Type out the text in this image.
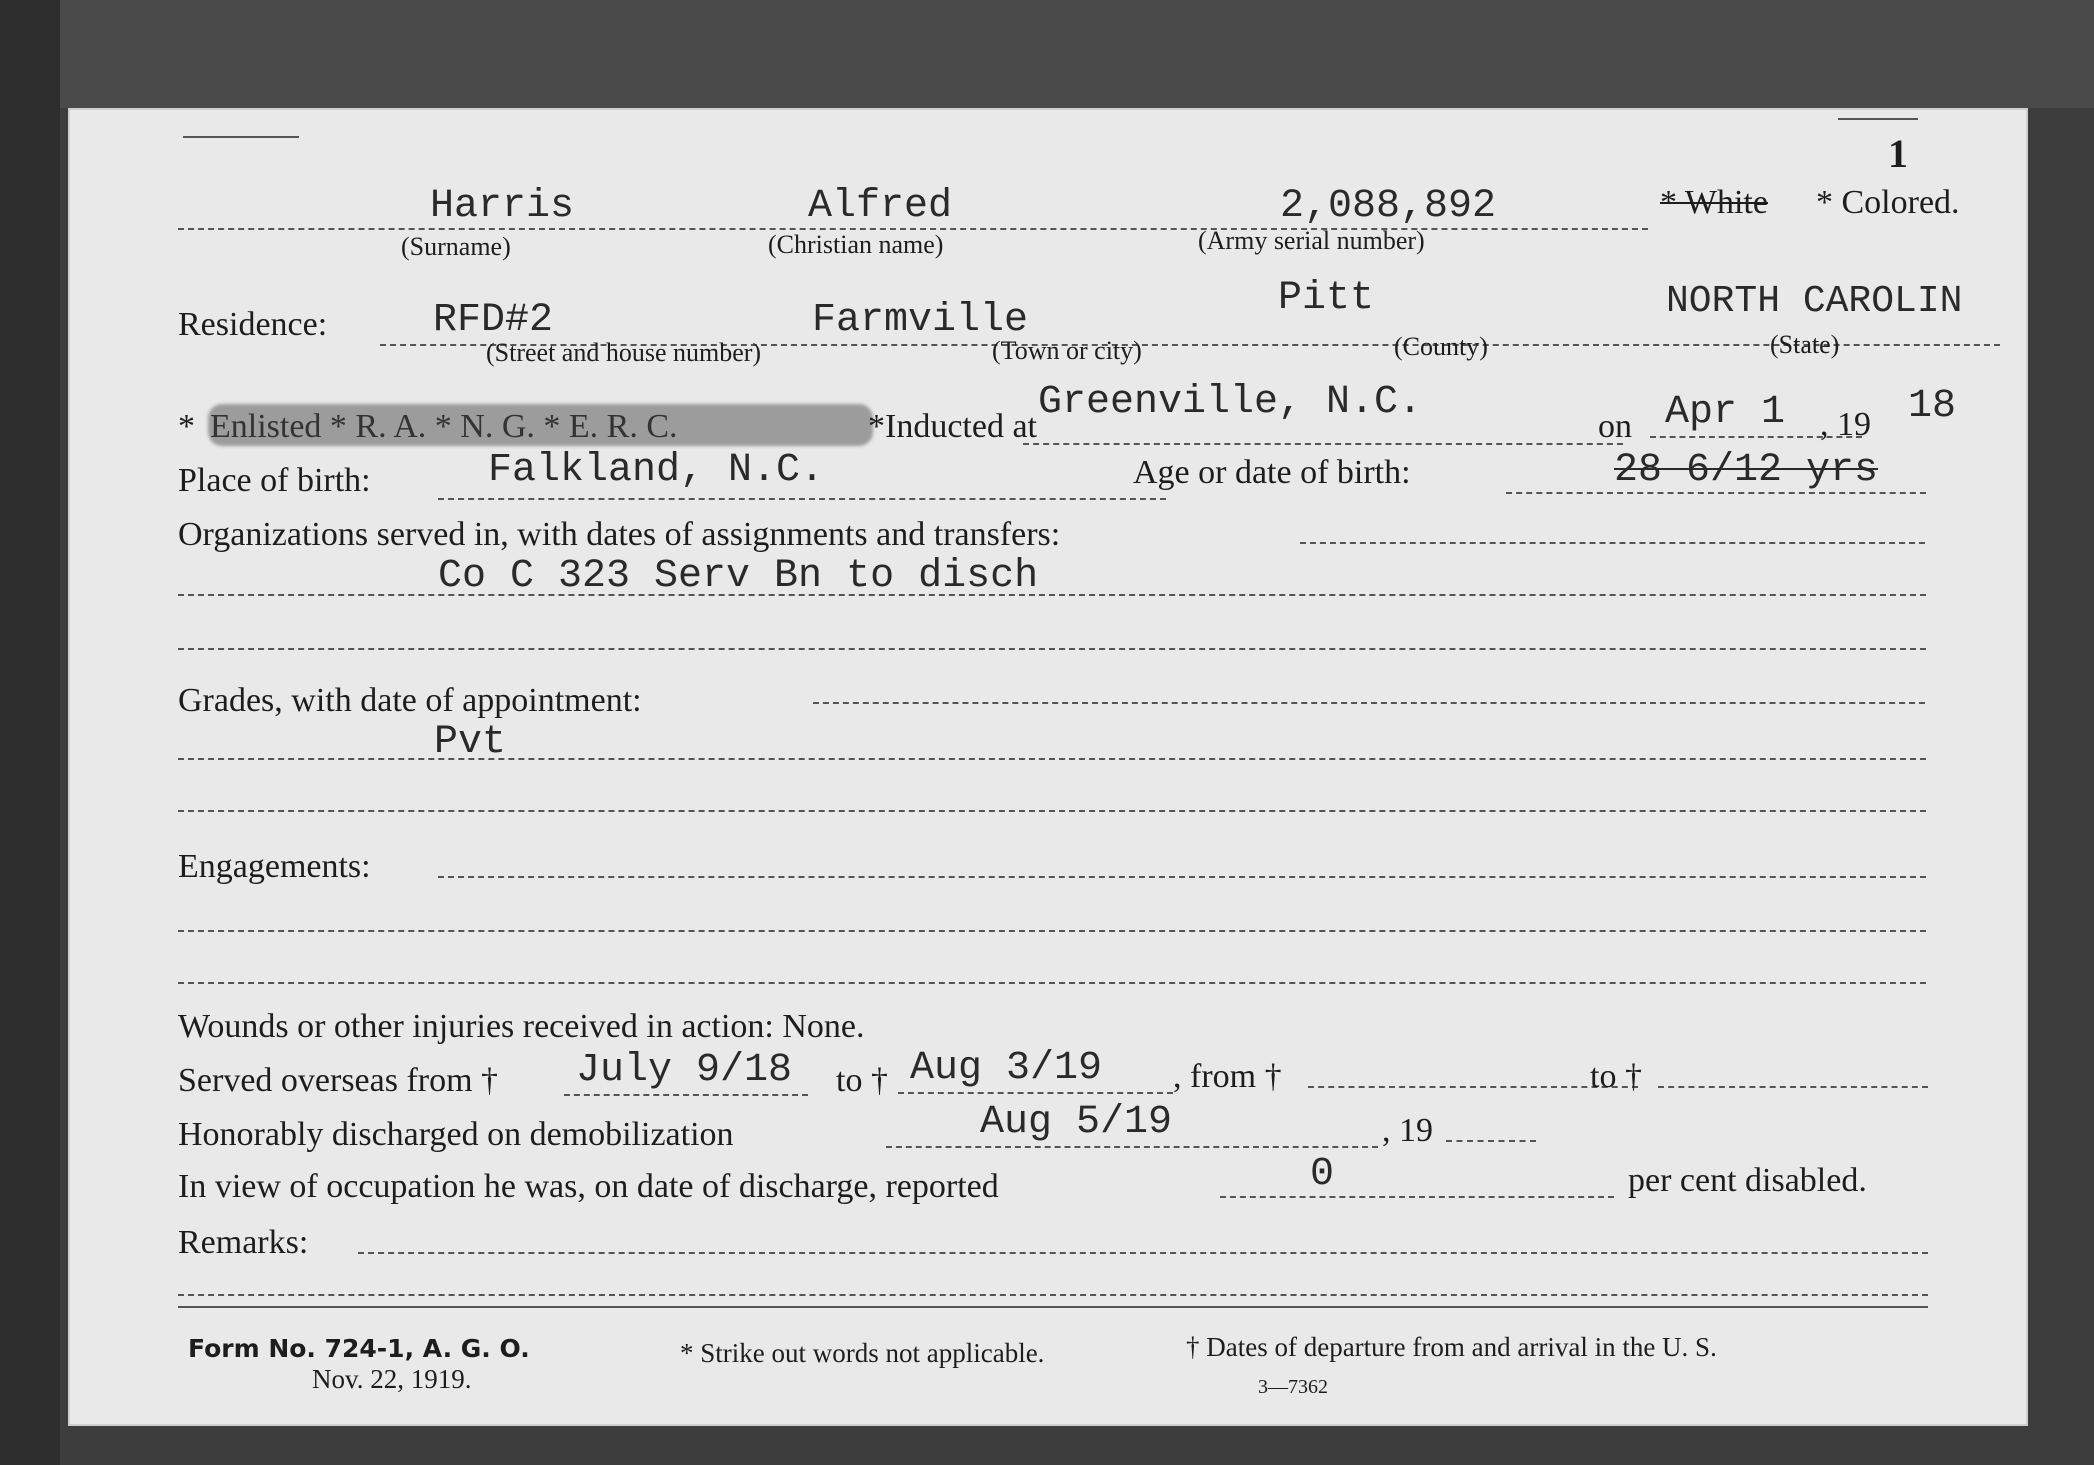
1
Harris	Alfred	2,088,892	* White * Colored.
(Surname)	(Christian name)	(Army serial number)
Residence:	RFD#2	Farmville	Pitt	NORTH CAROLIN
(Street and house number)	(Town or city)	(County)	(State)
* Enlisted * R. A. * N. G. * E. R. C.	*Inducted at
Greenville, N.C.
on Apr 1 , 19 18
Place of birth:	Falkland, N.C.	Age or date of birth:	28 6/12 yrs
Organizations served in, with dates of assignments and transfers:
Co C 323 Serv Bn to disch
Grades, with date of appointment:
Pvt
Engagements:
Wounds or other injuries received in action: None.
Served overseas from † July 9/18 to † Aug 3/19 , from †	to †
Honorably discharged on demobilization	Aug 5/19	, 19
In view of occupation he was, on date of discharge, reported	0	per cent disabled.
Remarks:
Form No. 724-1, A. G. O.
Nov. 22, 1919.
* Strike out words not applicable.	† Dates of departure from and arrival in the U. S.
3—7362
